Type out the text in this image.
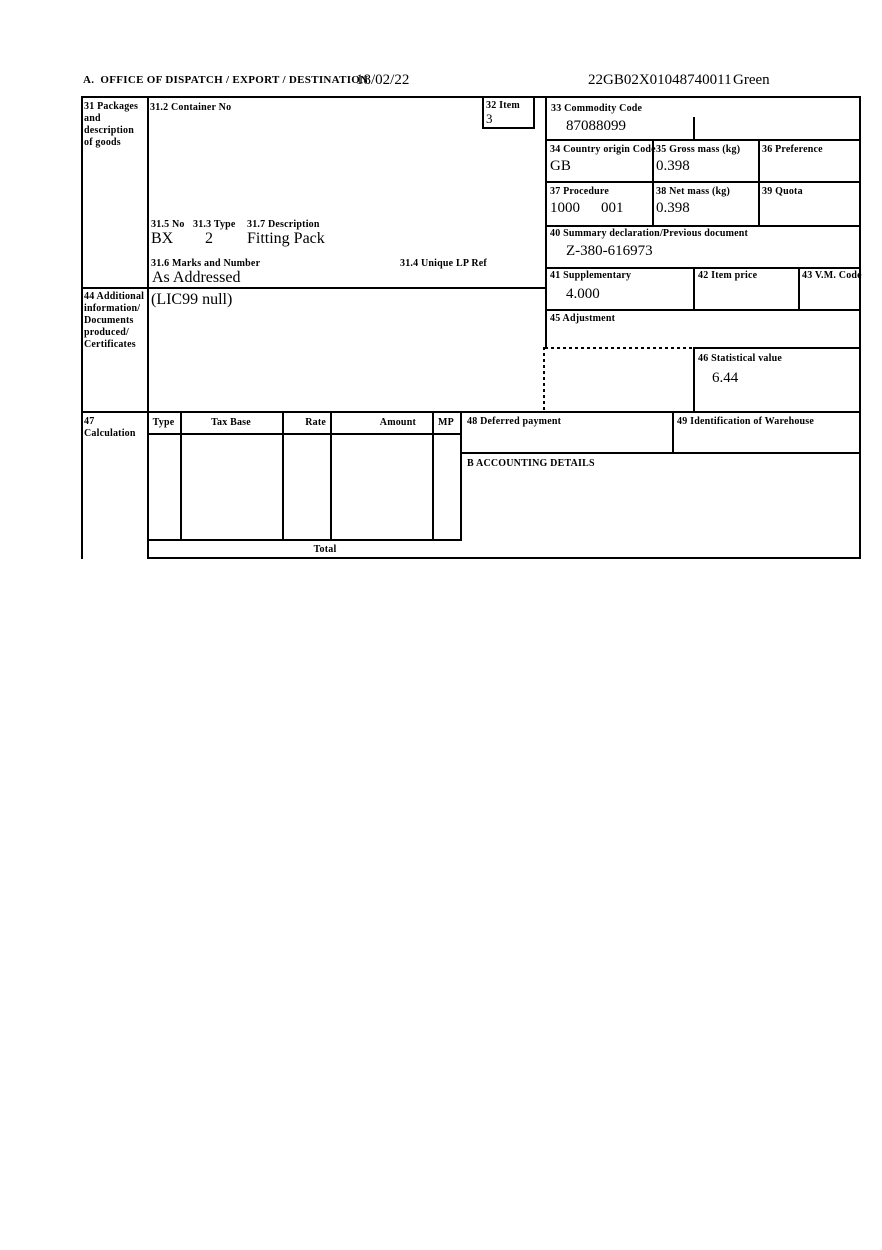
A.  OFFICE OF DISPATCH / EXPORT / DESTINATION
18/02/22	22GB02X01048740011 Green
31 Packages and description of goods
31.2 Container No	32 Item
3
33 Commodity Code
87088099
34 Country origin Code
GB
35 Gross mass (kg)
0.398
36 Preference
37 Procedure
1000 001
38 Net mass (kg)
0.398
39 Quota
31.5 No 31.3 Type 31.7 Description
BX 2 Fitting Pack
31.6 Marks and Number
As Addressed
31.4 Unique LP Ref
40 Summary declaration/Previous document
Z-380-616973
41 Supplementary
4.000
42 Item price	43 V.M. Code
45 Adjustment
46 Statistical value
6.44
44 Additional information/ Documents produced/ Certificates
(LIC99 null)
47 Calculation
Type	Tax Base	Rate	Amount	MP
Total
48 Deferred payment	49 Identification of Warehouse
B ACCOUNTING DETAILS
